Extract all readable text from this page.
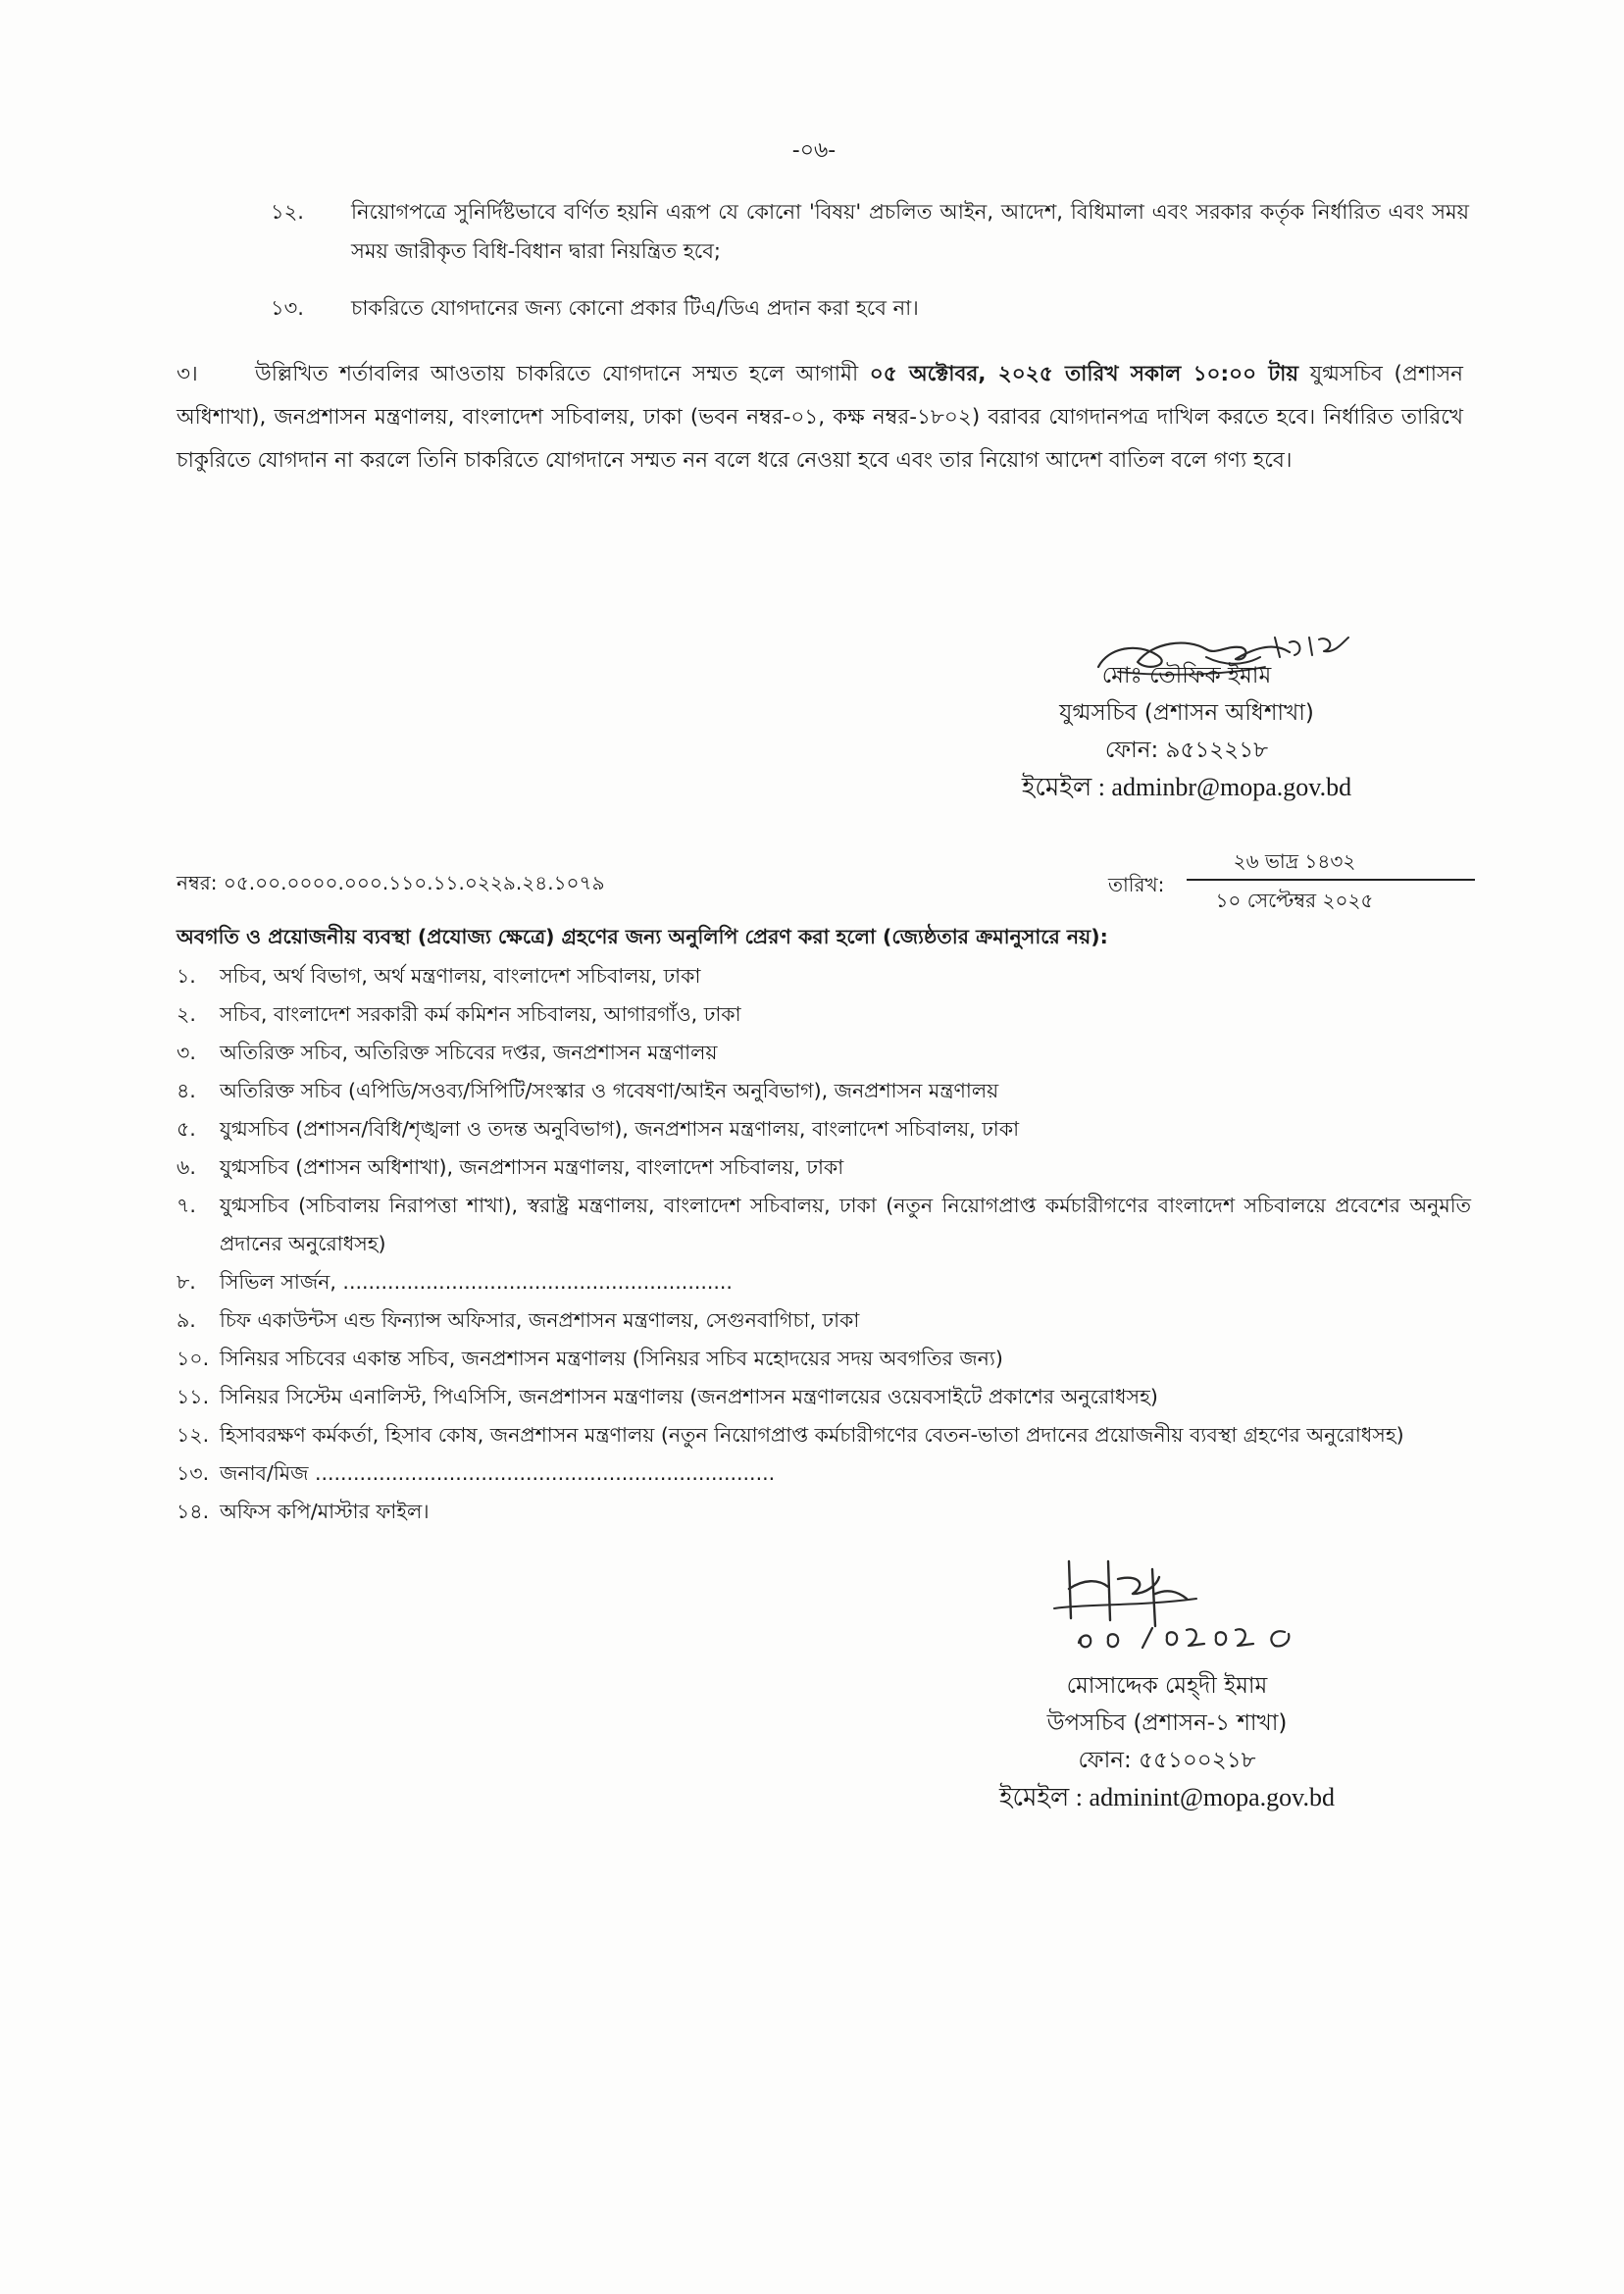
-০৬-
১২. নিয়োগপত্রে সুনির্দিষ্টভাবে বর্ণিত হয়নি এরূপ যে কোনো 'বিষয়' প্রচলিত আইন, আদেশ, বিধিমালা এবং সরকার কর্তৃক নির্ধারিত এবং সময় সময় জারীকৃত বিধি-বিধান দ্বারা নিয়ন্ত্রিত হবে;
১৩. চাকরিতে যোগদানের জন্য কোনো প্রকার টিএ/ডিএ প্রদান করা হবে না।
৩।	উল্লিখিত শর্তাবলির আওতায় চাকরিতে যোগদানে সম্মত হলে আগামী ০৫ অক্টোবর, ২০২৫ তারিখ সকাল ১০:০০ টায় যুগ্মসচিব (প্রশাসন অধিশাখা), জনপ্রশাসন মন্ত্রণালয়, বাংলাদেশ সচিবালয়, ঢাকা (ভবন নম্বর-০১, কক্ষ নম্বর-১৮০২) বরাবর যোগদানপত্র দাখিল করতে হবে। নির্ধারিত তারিখে চাকুরিতে যোগদান না করলে তিনি চাকরিতে যোগদানে সম্মত নন বলে ধরে নেওয়া হবে এবং তার নিয়োগ আদেশ বাতিল বলে গণ্য হবে।
মোঃ তৌফিক ইমাম
যুগ্মসচিব (প্রশাসন অধিশাখা)
ফোন: ৯৫১২২১৮
ইমেইল : adminbr@mopa.gov.bd
নম্বর: ০৫.০০.০০০০.০০০.১১০.১১.০২২৯.২৪.১০৭৯	তারিখ:
২৬ ভাদ্র ১৪৩২
১০ সেপ্টেম্বর ২০২৫
অবগতি ও প্রয়োজনীয় ব্যবস্থা (প্রযোজ্য ক্ষেত্রে) গ্রহণের জন্য অনুলিপি প্রেরণ করা হলো (জ্যেষ্ঠতার ক্রমানুসারে নয়):
১. সচিব, অর্থ বিভাগ, অর্থ মন্ত্রণালয়, বাংলাদেশ সচিবালয়, ঢাকা
২. সচিব, বাংলাদেশ সরকারী কর্ম কমিশন সচিবালয়, আগারগাঁও, ঢাকা
৩. অতিরিক্ত সচিব, অতিরিক্ত সচিবের দপ্তর, জনপ্রশাসন মন্ত্রণালয়
৪. অতিরিক্ত সচিব (এপিডি/সওব্য/সিপিটি/সংস্কার ও গবেষণা/আইন অনুবিভাগ), জনপ্রশাসন মন্ত্রণালয়
৫. যুগ্মসচিব (প্রশাসন/বিধি/শৃঙ্খলা ও তদন্ত অনুবিভাগ), জনপ্রশাসন মন্ত্রণালয়, বাংলাদেশ সচিবালয়, ঢাকা
৬. যুগ্মসচিব (প্রশাসন অধিশাখা), জনপ্রশাসন মন্ত্রণালয়, বাংলাদেশ সচিবালয়, ঢাকা
৭. যুগ্মসচিব (সচিবালয় নিরাপত্তা শাখা), স্বরাষ্ট্র মন্ত্রণালয়, বাংলাদেশ সচিবালয়, ঢাকা (নতুন নিয়োগপ্রাপ্ত কর্মচারীগণের বাংলাদেশ সচিবালয়ে প্রবেশের অনুমতি প্রদানের অনুরোধসহ)
৮. সিভিল সার্জন, .............................................................
৯. চিফ একাউন্টস এন্ড ফিন্যান্স অফিসার, জনপ্রশাসন মন্ত্রণালয়, সেগুনবাগিচা, ঢাকা
১০. সিনিয়র সচিবের একান্ত সচিব, জনপ্রশাসন মন্ত্রণালয় (সিনিয়র সচিব মহোদয়ের সদয় অবগতির জন্য)
১১. সিনিয়র সিস্টেম এনালিস্ট, পিএসিসি, জনপ্রশাসন মন্ত্রণালয় (জনপ্রশাসন মন্ত্রণালয়ের ওয়েবসাইটে প্রকাশের অনুরোধসহ)
১২. হিসাবরক্ষণ কর্মকর্তা, হিসাব কোষ, জনপ্রশাসন মন্ত্রণালয় (নতুন নিয়োগপ্রাপ্ত কর্মচারীগণের বেতন-ভাতা প্রদানের প্রয়োজনীয় ব্যবস্থা গ্রহণের অনুরোধসহ)
১৩. জনাব/মিজ ........................................................................
১৪. অফিস কপি/মাস্টার ফাইল।
মোসাদ্দেক মেহ্দী ইমাম
উপসচিব (প্রশাসন-১ শাখা)
ফোন: ৫৫১০০২১৮
ইমেইল : adminint@mopa.gov.bd
